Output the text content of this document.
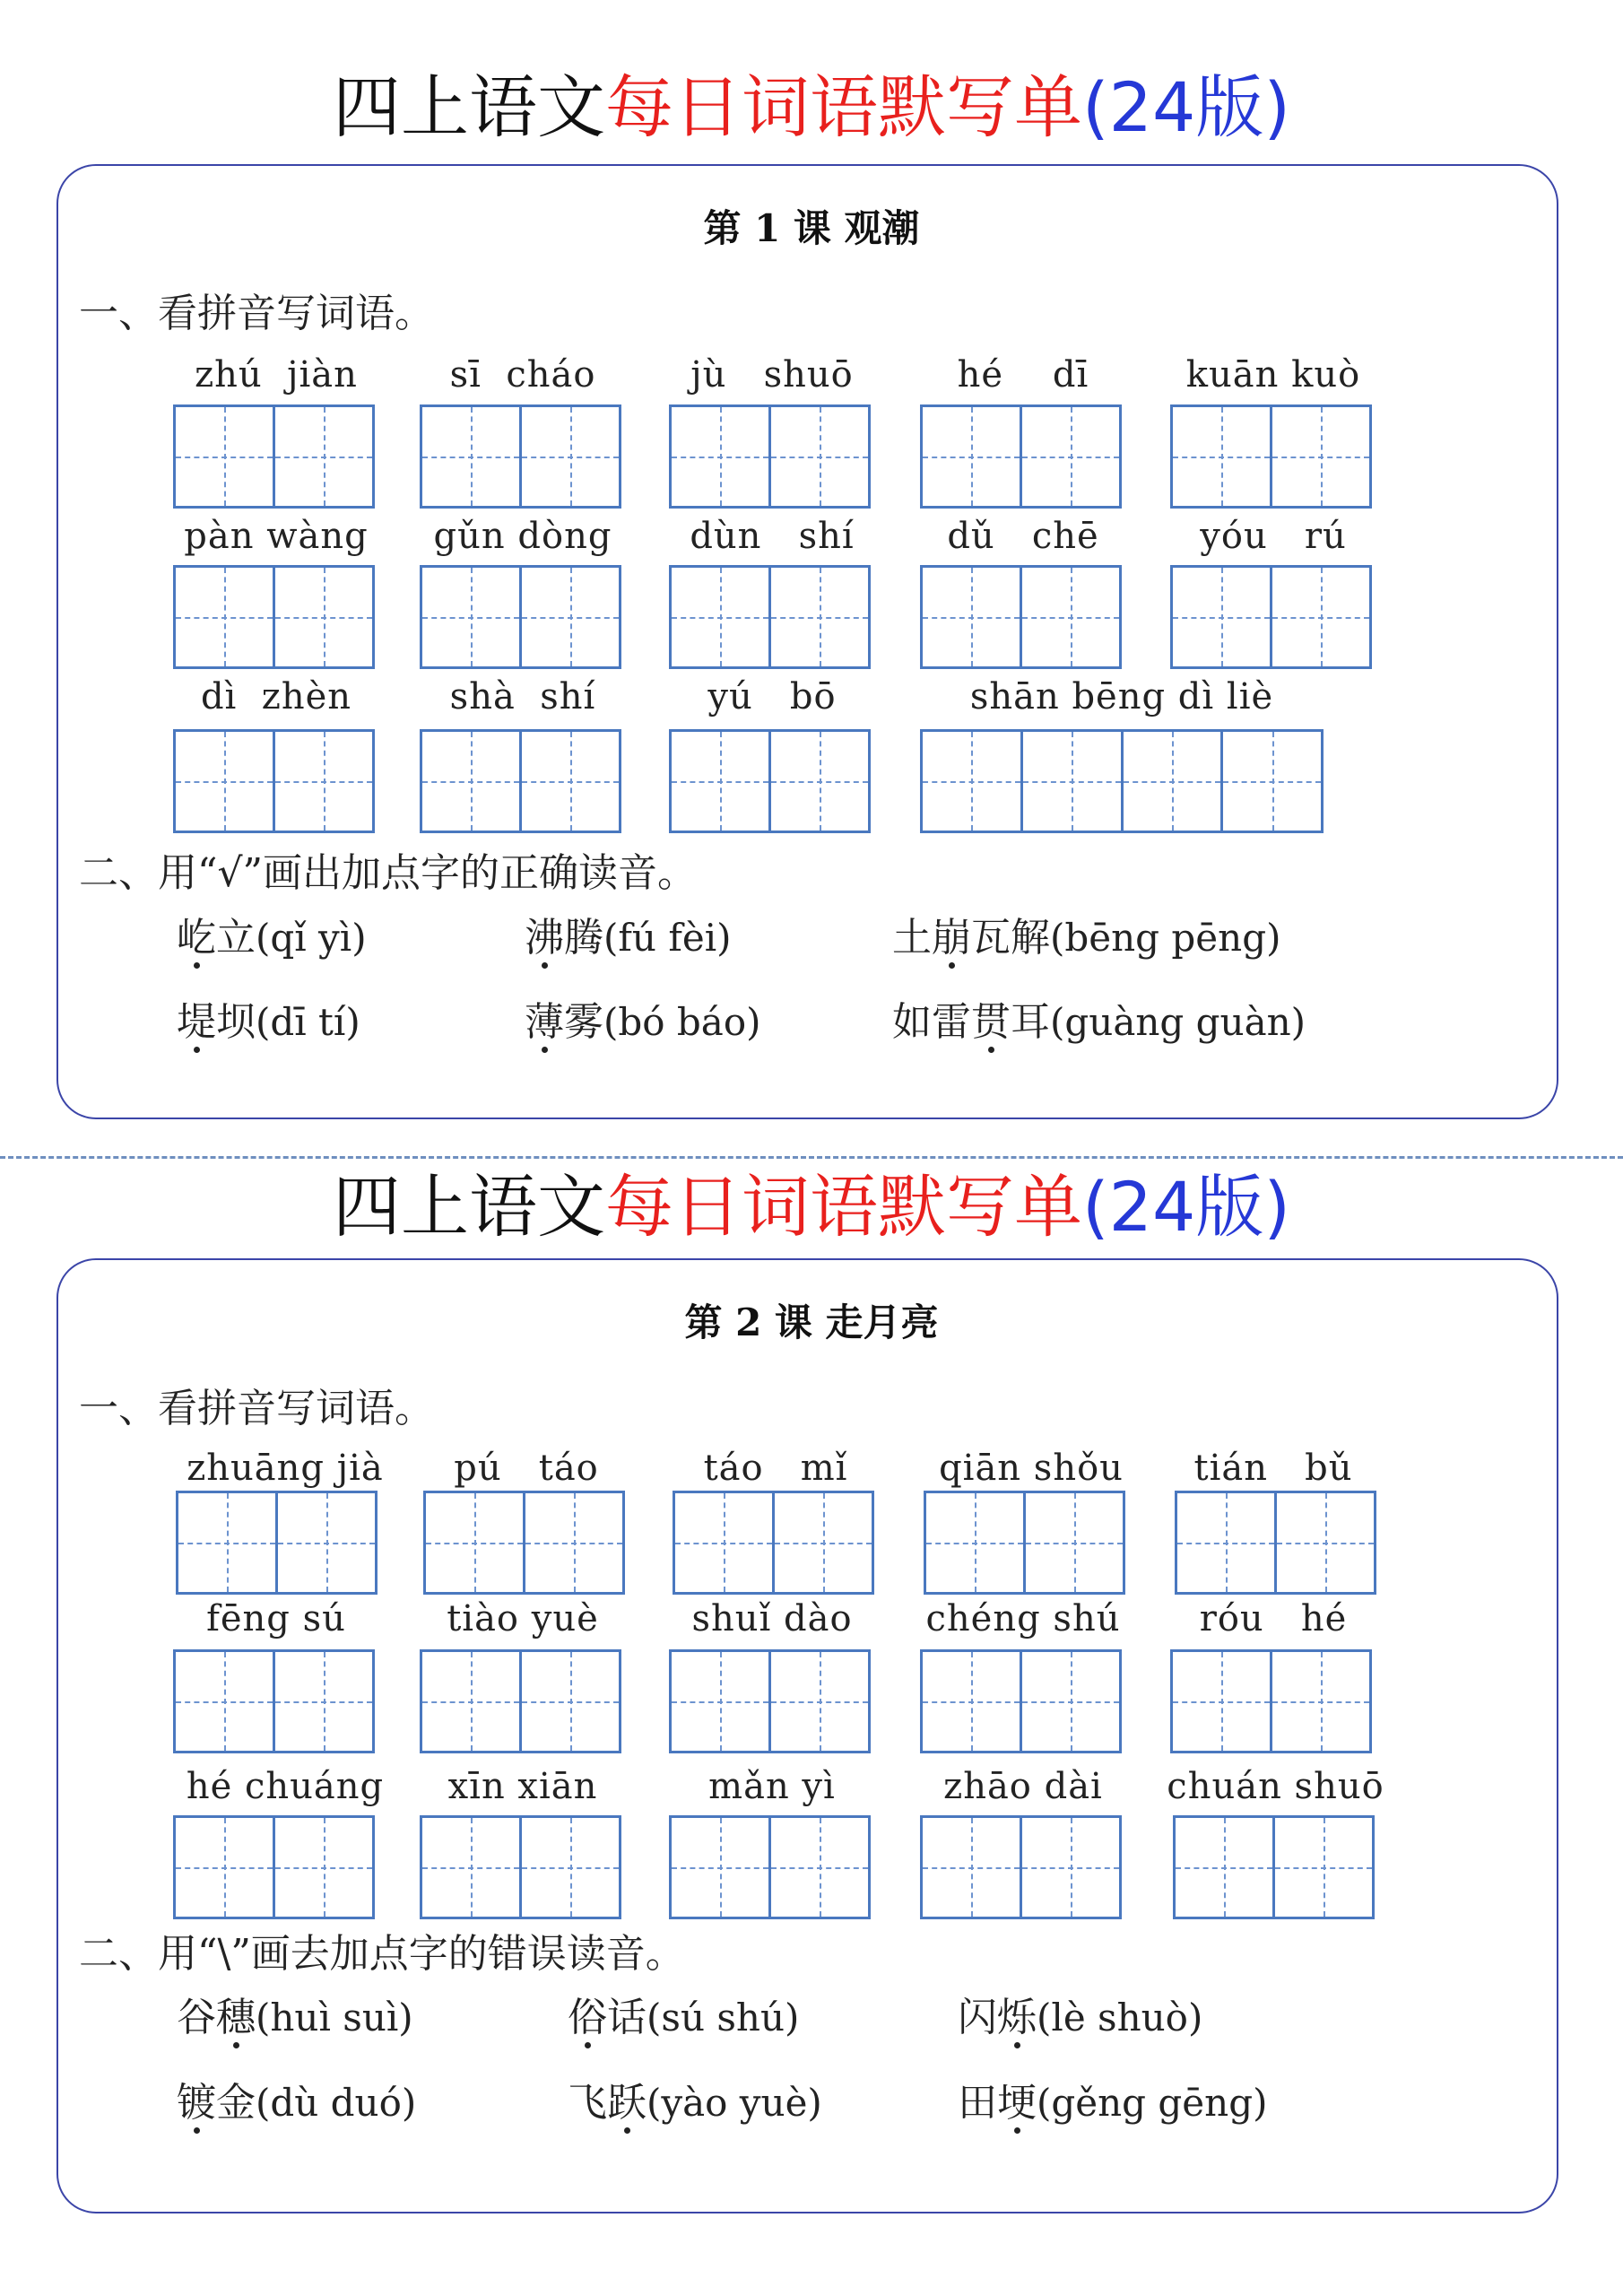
四上语文每日词语默写单(24版)
第 1 课 观潮
一、看拼音写词语。
zhú  jiàn	sī  cháo	jù   shuō	hé    dī	kuān kuò
pàn wàng	gǔn dòng	dùn   shí	dǔ   chē	yóu   rú
dì  zhèn	shà  shí	yú   bō	shān bēng dì liè
二、用“√”画出加点字的正确读音。
屹立(qǐ yì)	沸腾(fú fèi)	土崩瓦解(bēng pēng)
堤坝(dī tí)	薄雾(bó báo)	如雷贯耳(guàng guàn)
四上语文每日词语默写单(24版)
第 2 课 走月亮
一、看拼音写词语。
zhuāng jià	pú   táo	táo   mǐ	qiān shǒu	tián   bǔ
fēng sú	tiào yuè	shuǐ dào	chéng shú	róu   hé
hé chuáng	xīn xiān	mǎn yì	zhāo dài	chuán shuō
二、用“\”画去加点字的错误读音。
谷穗(huì suì)	俗话(sú shú)	闪烁(lè shuò)
镀金(dù duó)	飞跃(yào yuè)	田埂(gěng gēng)
